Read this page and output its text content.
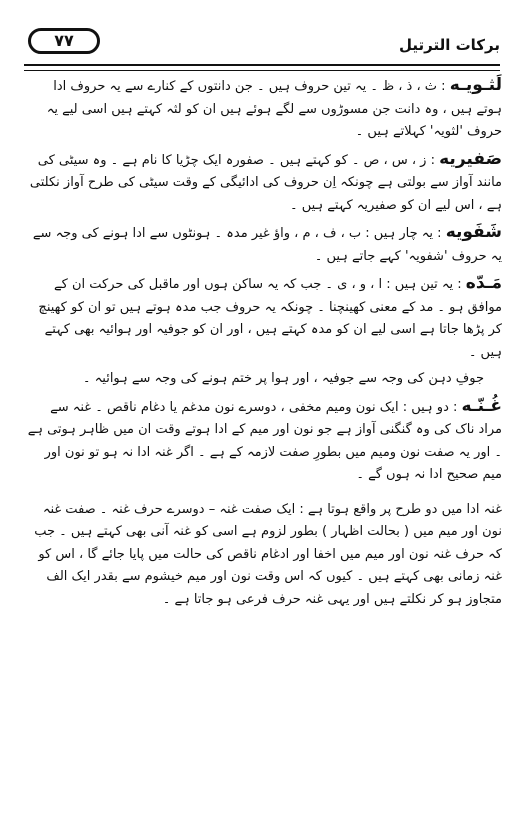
برکات الترتیل
۷۷

لَثـویـه : ث ، ذ ، ظ ۔ یہ تین حروف ہیں ۔ جن دانتوں کے کنارے سے یہ حروف ادا ہوتے ہیں ، وہ دانت جن مسوڑوں سے لگے ہوئے ہیں ان کو لثہ کہتے ہیں اسی لیے یہ حروف 'لثویہ' کہلاتے ہیں ۔

صَفیریه : ز ، س ، ص ۔ کو کہتے ہیں ۔ صفورہ ایک چڑیا کا نام ہے ۔ وہ سیٹی کی مانند آواز سے بولتی ہے چونکہ اِن حروف کی ادائیگی کے وقت سیٹی کی طرح آواز نکلتی ہے ، اس لیے ان کو صفیریہ کہتے ہیں ۔

شَفَویه : یہ چار ہیں : ب ، ف ، م ، واؤ غیر مدہ ۔ ہونٹوں سے ادا ہونے کی وجہ سے یہ حروف 'شفویہ' کہے جاتے ہیں ۔

مَـدّه : یہ تین ہیں : ا ، و ، ی ۔ جب کہ یہ ساکن ہوں اور ماقبل کی حرکت ان کے موافق ہو ۔ مد کے معنی کھینچنا ۔ چونکہ یہ حروف جب مدہ ہوتے ہیں تو ان کو کھینچ کر پڑھا جاتا ہے اسی لیے ان کو مدہ کہتے ہیں ، اور ان کو جوفیہ اور ہوائیہ بھی کہتے ہیں ۔

جوفِ دہن کی وجہ سے جوفیہ ، اور ہوا پر ختم ہونے کی وجہ سے ہوائیہ ۔

غُـنّـه : دو ہیں : ایک نون ومیم مخفی ، دوسرے نون مدغم یا دغام ناقص ۔ غنہ سے مراد ناک کی وہ گنگنی آواز ہے جو نون اور میم کے ادا ہوتے وقت ان میں ظاہر ہوتی ہے ۔ اور یہ صفت نون ومیم میں بطورِ صفت لازمہ کے ہے ۔ اگر غنہ ادا نہ ہو تو نون اور میم صحیح ادا نہ ہوں گے ۔

غنہ ادا میں دو طرح پر واقع ہوتا ہے : ایک صفت غنہ – دوسرے حرف غنہ ۔ صفت غنہ نون اور میم میں ( بحالت اظہار ) بطور لزوم ہے اسی کو غنہ آنی بھی کہتے ہیں ۔ جب کہ حرف غنہ نون اور میم میں اخفا اور ادغام ناقص کی حالت میں پایا جائے گا ، اس کو غنہ زمانی بھی کہتے ہیں ۔ کیوں کہ اس وقت نون اور میم خیشوم سے بقدر ایک الف متجاوز ہو کر نکلتے ہیں اور یہی غنہ حرف فرعی ہو جاتا ہے ۔
